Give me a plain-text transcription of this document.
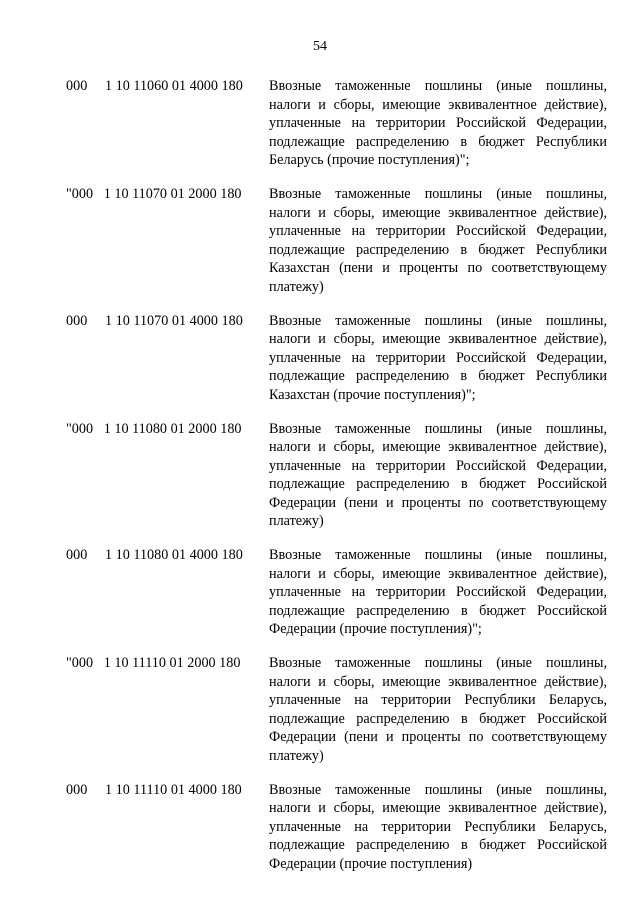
54
000     1 10 11060 01 4000 180	Ввозные таможенные пошлины (иные пошлины,
налоги и сборы, имеющие эквивалентное действие),
уплаченные на территории Российской Федерации,
подлежащие распределению в бюджет Республики
Беларусь (прочие поступления)";
"000   1 10 11070 01 2000 180	Ввозные таможенные пошлины (иные пошлины,
налоги и сборы, имеющие эквивалентное действие),
уплаченные на территории Российской Федерации,
подлежащие распределению в бюджет Республики
Казахстан (пени и проценты по соответствующему
платежу)
000     1 10 11070 01 4000 180	Ввозные таможенные пошлины (иные пошлины,
налоги и сборы, имеющие эквивалентное действие),
уплаченные на территории Российской Федерации,
подлежащие распределению в бюджет Республики
Казахстан (прочие поступления)";
"000   1 10 11080 01 2000 180	Ввозные таможенные пошлины (иные пошлины,
налоги и сборы, имеющие эквивалентное действие),
уплаченные на территории Российской Федерации,
подлежащие распределению в бюджет Российской
Федерации (пени и проценты по соответствующему
платежу)
000     1 10 11080 01 4000 180	Ввозные таможенные пошлины (иные пошлины,
налоги и сборы, имеющие эквивалентное действие),
уплаченные на территории Российской Федерации,
подлежащие распределению в бюджет Российской
Федерации (прочие поступления)";
"000   1 10 11110 01 2000 180	Ввозные таможенные пошлины (иные пошлины,
налоги и сборы, имеющие эквивалентное действие),
уплаченные на территории Республики Беларусь,
подлежащие распределению в бюджет Российской
Федерации (пени и проценты по соответствующему
платежу)
000     1 10 11110 01 4000 180	Ввозные таможенные пошлины (иные пошлины,
налоги и сборы, имеющие эквивалентное действие),
уплаченные на территории Республики Беларусь,
подлежащие распределению в бюджет Российской
Федерации (прочие поступления)
